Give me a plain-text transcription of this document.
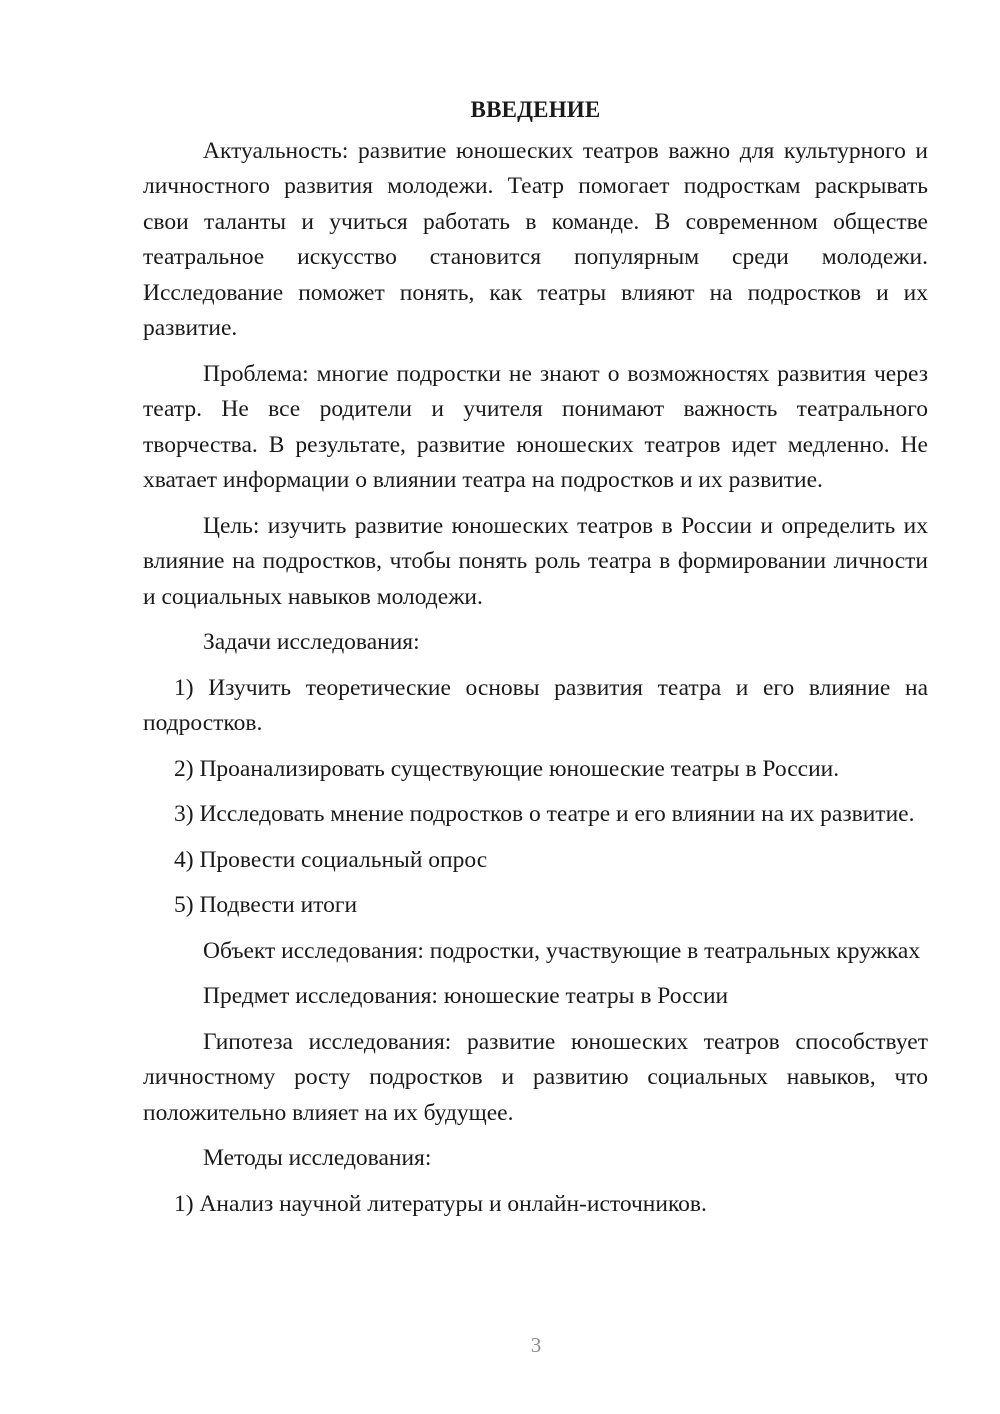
ВВЕДЕНИЕ

Актуальность: развитие юношеских театров важно для культурного и личностного развития молодежи. Театр помогает подросткам раскрывать свои таланты и учиться работать в команде. В современном обществе театральное искусство становится популярным среди молодежи. Исследование поможет понять, как театры влияют на подростков и их развитие.

Проблема: многие подростки не знают о возможностях развития через театр. Не все родители и учителя понимают важность театрального творчества. В результате, развитие юношеских театров идет медленно. Не хватает информации о влиянии театра на подростков и их развитие.

Цель: изучить развитие юношеских театров в России и определить их влияние на подростков, чтобы понять роль театра в формировании личности и социальных навыков молодежи.

Задачи исследования:

1) Изучить теоретические основы развития театра и его влияние на подростков.

2) Проанализировать существующие юношеские театры в России.

3) Исследовать мнение подростков о театре и его влиянии на их развитие.

4) Провести социальный опрос

5) Подвести итоги

Объект исследования: подростки, участвующие в театральных кружках

Предмет исследования: юношеские театры в России

Гипотеза исследования: развитие юношеских театров способствует личностному росту подростков и развитию социальных навыков, что положительно влияет на их будущее.

Методы исследования:

1) Анализ научной литературы и онлайн-источников.

3
